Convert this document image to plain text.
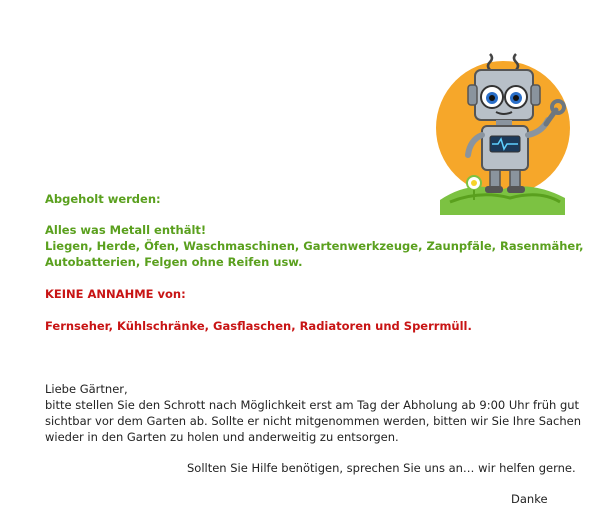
Abgeholt werden:
Alles was Metall enthält!
Liegen, Herde, Öfen, Waschmaschinen, Gartenwerkzeuge, Zaunpfäle, Rasenmäher,
Autobatterien, Felgen ohne Reifen usw.
KEINE ANNAHME von:
Fernseher, Kühlschränke, Gasflaschen, Radiatoren und Sperrmüll.
Liebe Gärtner,
bitte stellen Sie den Schrott nach Möglichkeit erst am Tag der Abholung ab 9:00 Uhr früh gut
sichtbar vor dem Garten ab. Sollte er nicht mitgenommen werden, bitten wir Sie Ihre Sachen
wieder in den Garten zu holen und anderweitig zu entsorgen.
Sollten Sie Hilfe benötigen, sprechen Sie uns an… wir helfen gerne.
Danke
